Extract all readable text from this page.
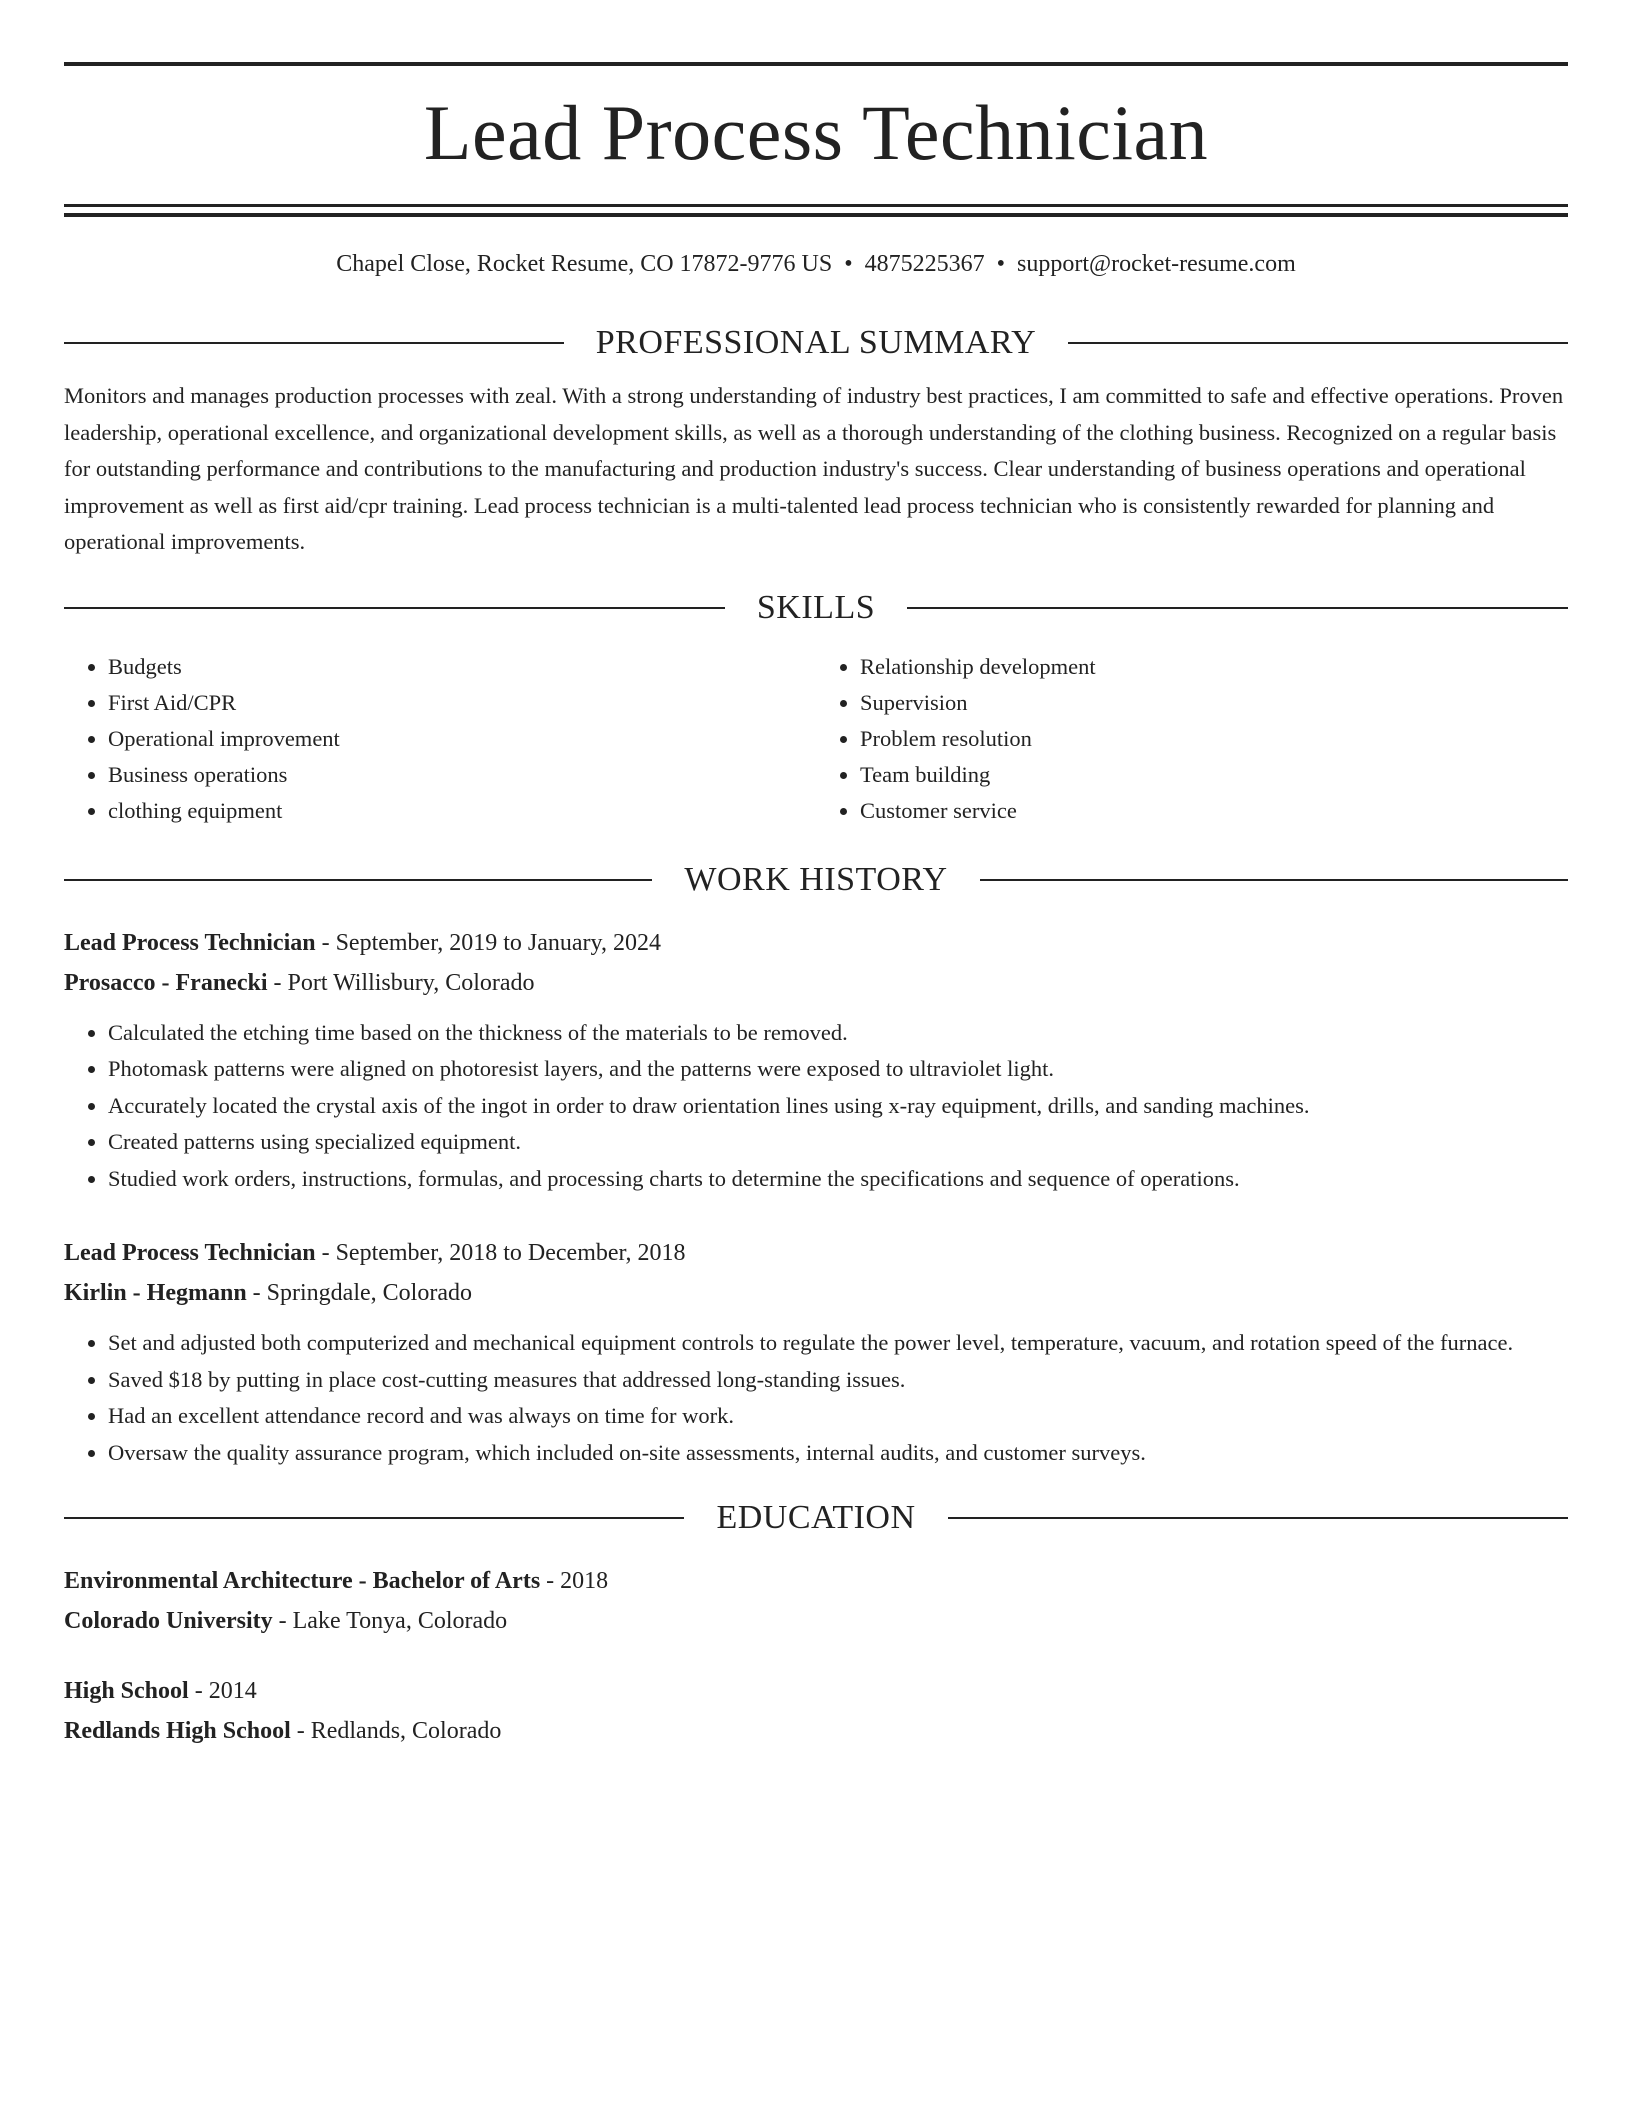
Lead Process Technician
Chapel Close, Rocket Resume, CO 17872-9776 US • 4875225367 • support@rocket-resume.com
PROFESSIONAL SUMMARY

Monitors and manages production processes with zeal. With a strong understanding of industry best practices, I am committed to safe and effective operations. Proven leadership, operational excellence, and organizational development skills, as well as a thorough understanding of the clothing business. Recognized on a regular basis for outstanding performance and contributions to the manufacturing and production industry's success. Clear understanding of business operations and operational improvement as well as first aid/cpr training. Lead process technician is a multi-talented lead process technician who is consistently rewarded for planning and operational improvements.

SKILLS
• Budgets
• First Aid/CPR
• Operational improvement
• Business operations
• clothing equipment
• Relationship development
• Supervision
• Problem resolution
• Team building
• Customer service
WORK HISTORY
Lead Process Technician - September, 2019 to January, 2024
Prosacco - Franecki - Port Willisbury, Colorado
• Calculated the etching time based on the thickness of the materials to be removed.
• Photomask patterns were aligned on photoresist layers, and the patterns were exposed to ultraviolet light.
• Accurately located the crystal axis of the ingot in order to draw orientation lines using x-ray equipment, drills, and sanding machines.
• Created patterns using specialized equipment.
• Studied work orders, instructions, formulas, and processing charts to determine the specifications and sequence of operations.
Lead Process Technician - September, 2018 to December, 2018
Kirlin - Hegmann - Springdale, Colorado
• Set and adjusted both computerized and mechanical equipment controls to regulate the power level, temperature, vacuum, and rotation speed of the furnace.
• Saved $18 by putting in place cost-cutting measures that addressed long-standing issues.
• Had an excellent attendance record and was always on time for work.
• Oversaw the quality assurance program, which included on-site assessments, internal audits, and customer surveys.
EDUCATION
Environmental Architecture - Bachelor of Arts - 2018
Colorado University - Lake Tonya, Colorado
High School - 2014
Redlands High School - Redlands, Colorado
